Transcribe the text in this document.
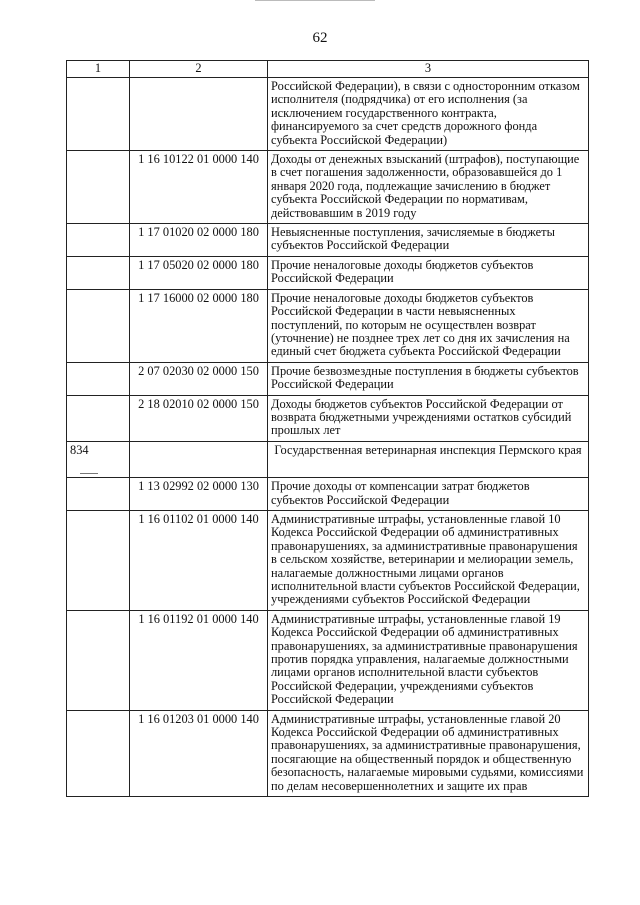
62
1	2	3
		Российской Федерации), в связи с односторонним отказом исполнителя (подрядчика) от его исполнения (за исключением государственного контракта, финансируемого за счет средств дорожного фонда субъекта Российской Федерации)
	1 16 10122 01 0000 140	Доходы от денежных взысканий (штрафов), поступающие в счет погашения задолженности, образовавшейся до 1 января 2020 года, подлежащие зачислению в бюджет субъекта Российской Федерации по нормативам, действовавшим в 2019 году
	1 17 01020 02 0000 180	Невыясненные поступления, зачисляемые в бюджеты субъектов Российской Федерации
	1 17 05020 02 0000 180	Прочие неналоговые доходы бюджетов субъектов Российской Федерации
	1 17 16000 02 0000 180	Прочие неналоговые доходы бюджетов субъектов Российской Федерации в части невыясненных поступлений, по которым не осуществлен возврат (уточнение) не позднее трех лет со дня их зачисления на единый счет бюджета субъекта Российской Федерации
	2 07 02030 02 0000 150	Прочие безвозмездные поступления в бюджеты субъектов Российской Федерации
	2 18 02010 02 0000 150	Доходы бюджетов субъектов Российской Федерации от возврата бюджетными учреждениями остатков субсидий прошлых лет

834		Государственная ветеринарная инспекция Пермского края
	1 13 02992 02 0000 130	Прочие доходы от компенсации затрат бюджетов субъектов Российской Федерации
	1 16 01102 01 0000 140	Административные штрафы, установленные главой 10 Кодекса Российской Федерации об административных правонарушениях, за административные правонарушения в сельском хозяйстве, ветеринарии и мелиорации земель, налагаемые должностными лицами органов исполнительной власти субъектов Российской Федерации, учреждениями субъектов Российской Федерации
	1 16 01192 01 0000 140	Административные штрафы, установленные главой 19 Кодекса Российской Федерации об административных правонарушениях, за административные правонарушения против порядка управления, налагаемые должностными лицами органов исполнительной власти субъектов Российской Федерации, учреждениями субъектов Российской Федерации
	1 16 01203 01 0000 140	Административные штрафы, установленные главой 20 Кодекса Российской Федерации об административных правонарушениях, за административные правонарушения, посягающие на общественный порядок и общественную безопасность, налагаемые мировыми судьями, комиссиями по делам несовершеннолетних и защите их прав
